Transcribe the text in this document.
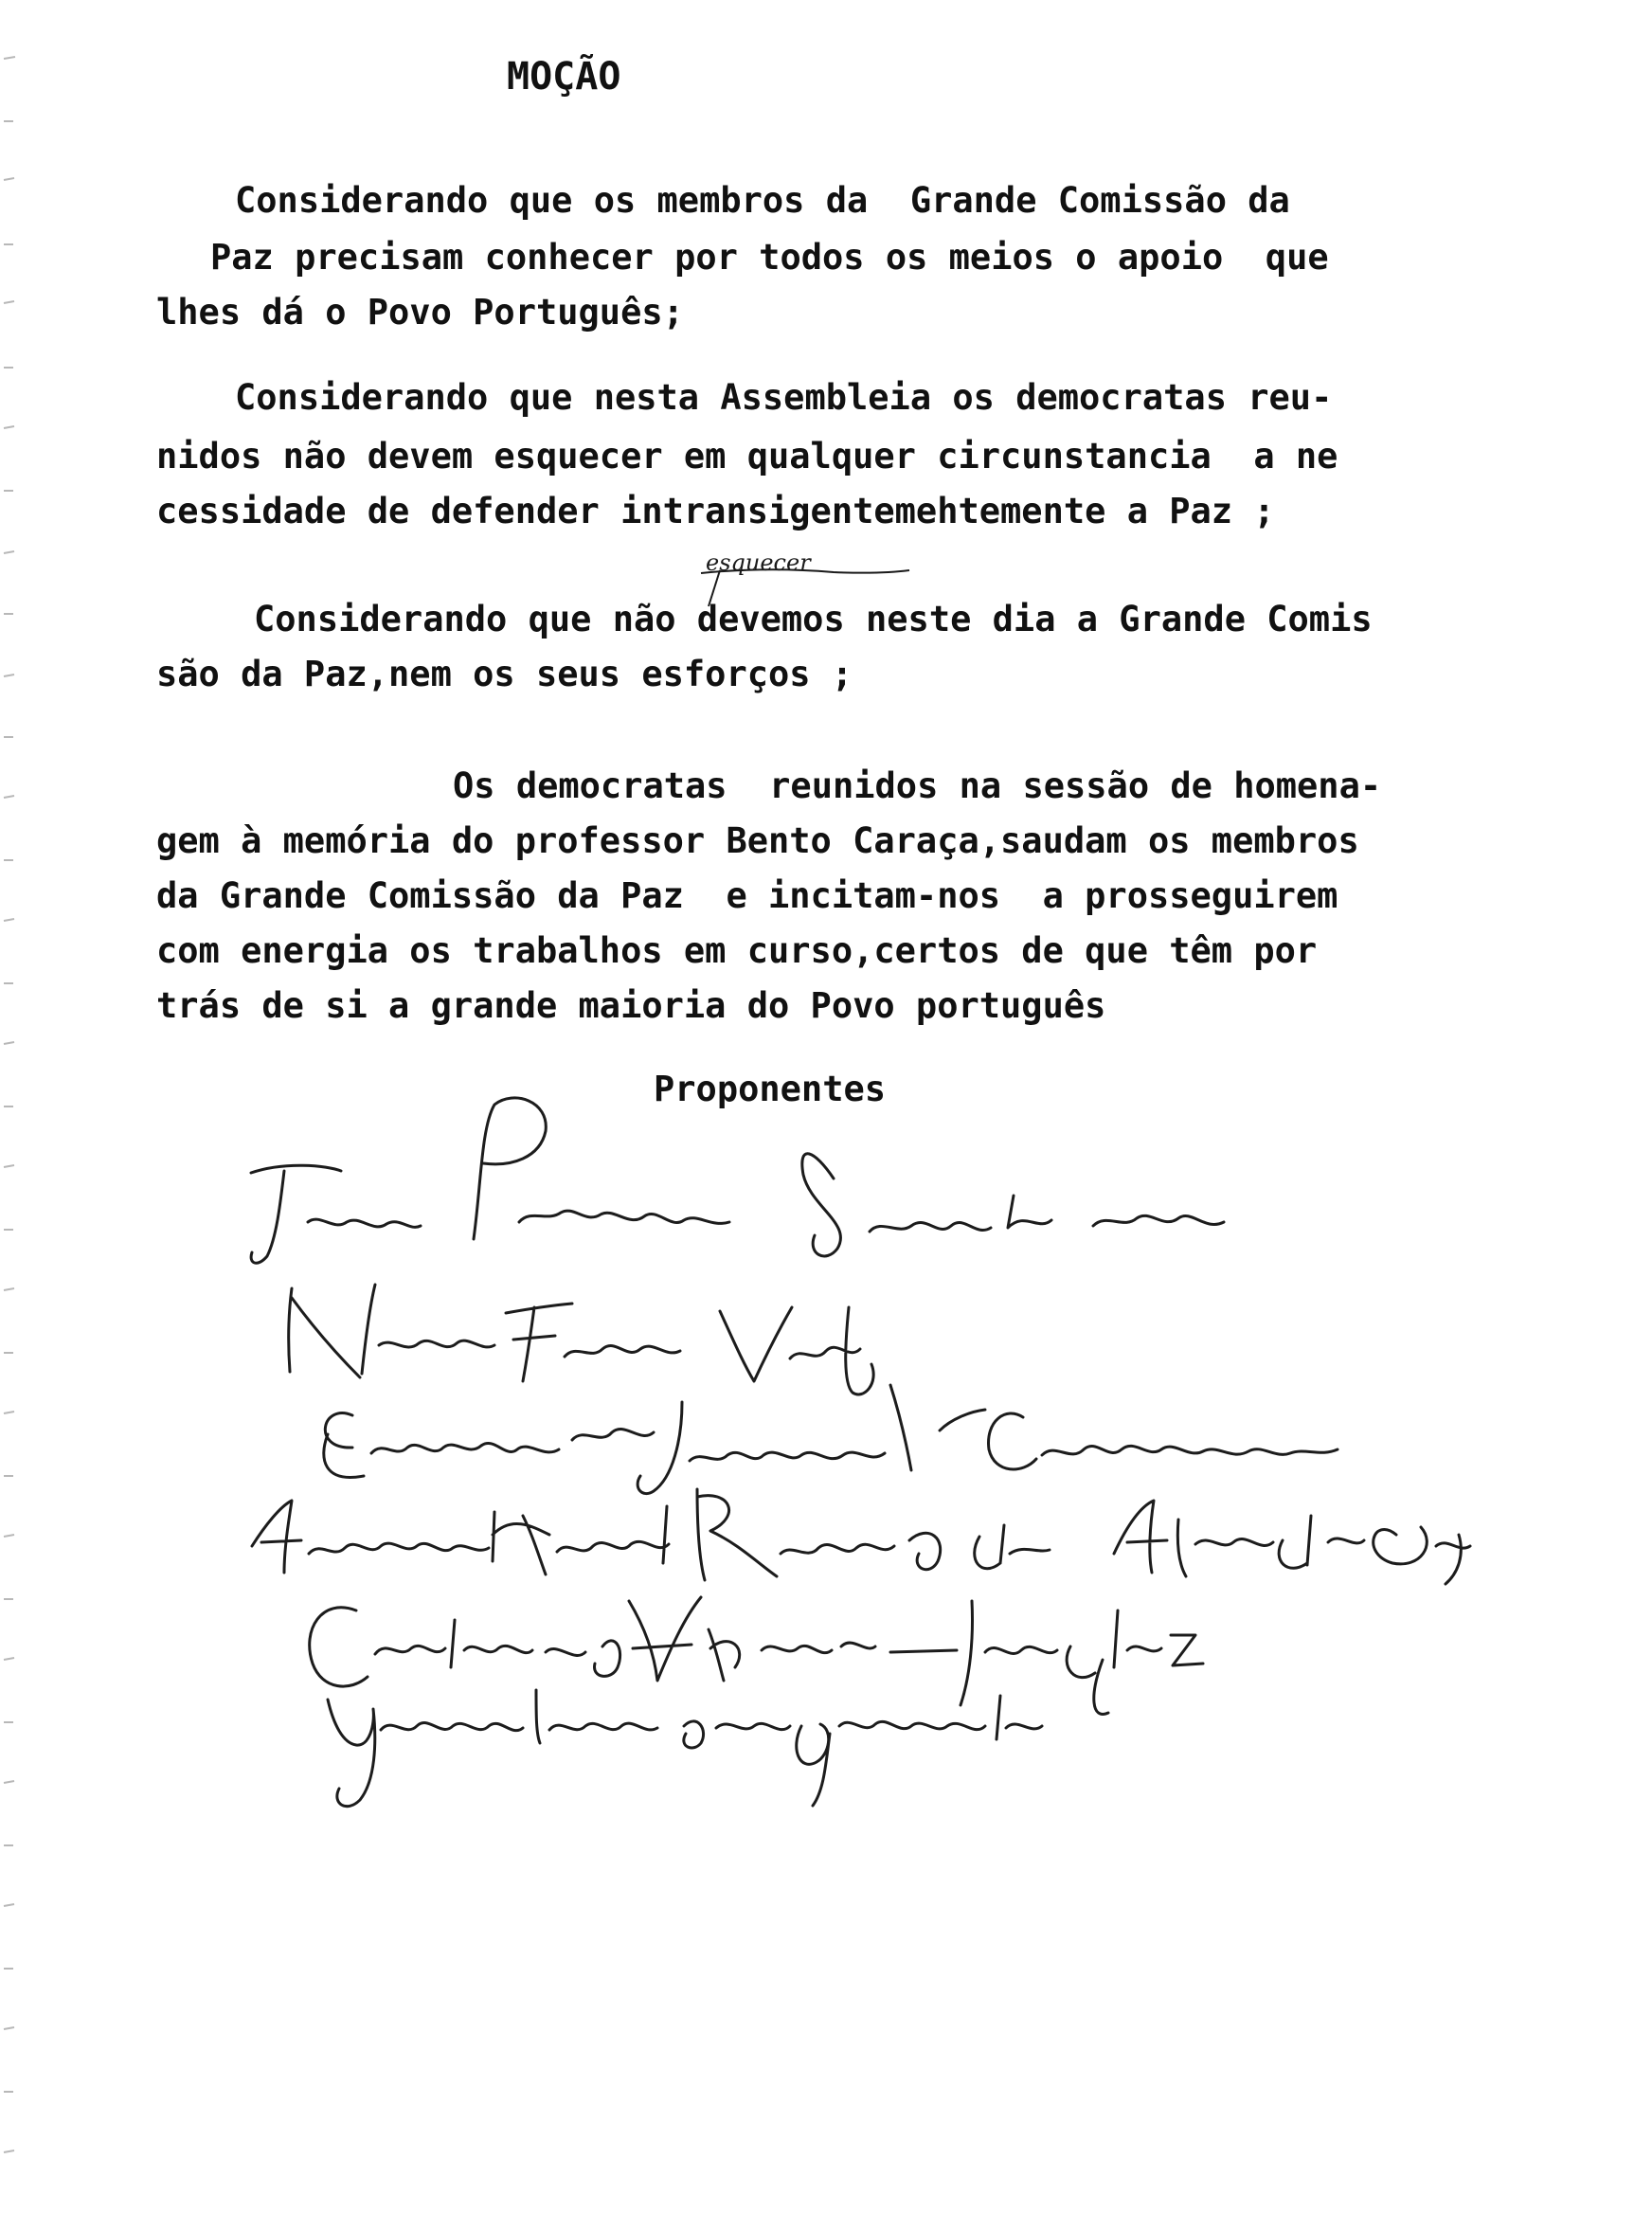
MOÇÃO

Considerando que os membros da  Grande Comissão da

Paz precisam conhecer por todos os meios o apoio  que

lhes dá o Povo Português;

Considerando que nesta Assembleia os democratas reu-

nidos não devem esquecer em qualquer circunstancia  a ne

cessidade de defender intransigentemehtemente a Paz ;

esquecer

Considerando que não devemos neste dia a Grande Comis

são da Paz,nem os seus esforços ;

Os democratas  reunidos na sessão de homena-

gem à memória do professor Bento Caraça,saudam os membros

da Grande Comissão da Paz  e incitam-nos  a prosseguirem

com energia os trabalhos em curso,certos de que têm por

trás de si a grande maioria do Povo português

Proponentes
